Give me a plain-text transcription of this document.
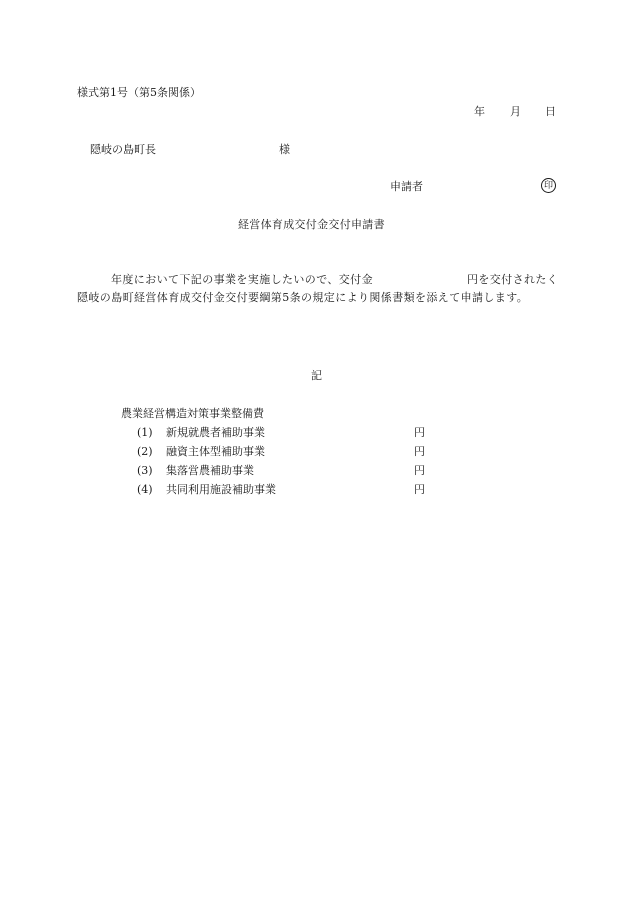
様式第1号（第5条関係）
年 月 日
隠岐の島町長	様
申請者	印
経営体育成交付金交付申請書
年度において下記の事業を実施したいので、交付金	円を交付されたく隠岐の島町経営体育成交付金交付要綱第5条の規定により関係書類を添えて申請します。
記
農業経営構造対策事業整備費
(1) 新規就農者補助事業	円
(2) 融資主体型補助事業	円
(3) 集落営農補助事業	円
(4) 共同利用施設補助事業	円
